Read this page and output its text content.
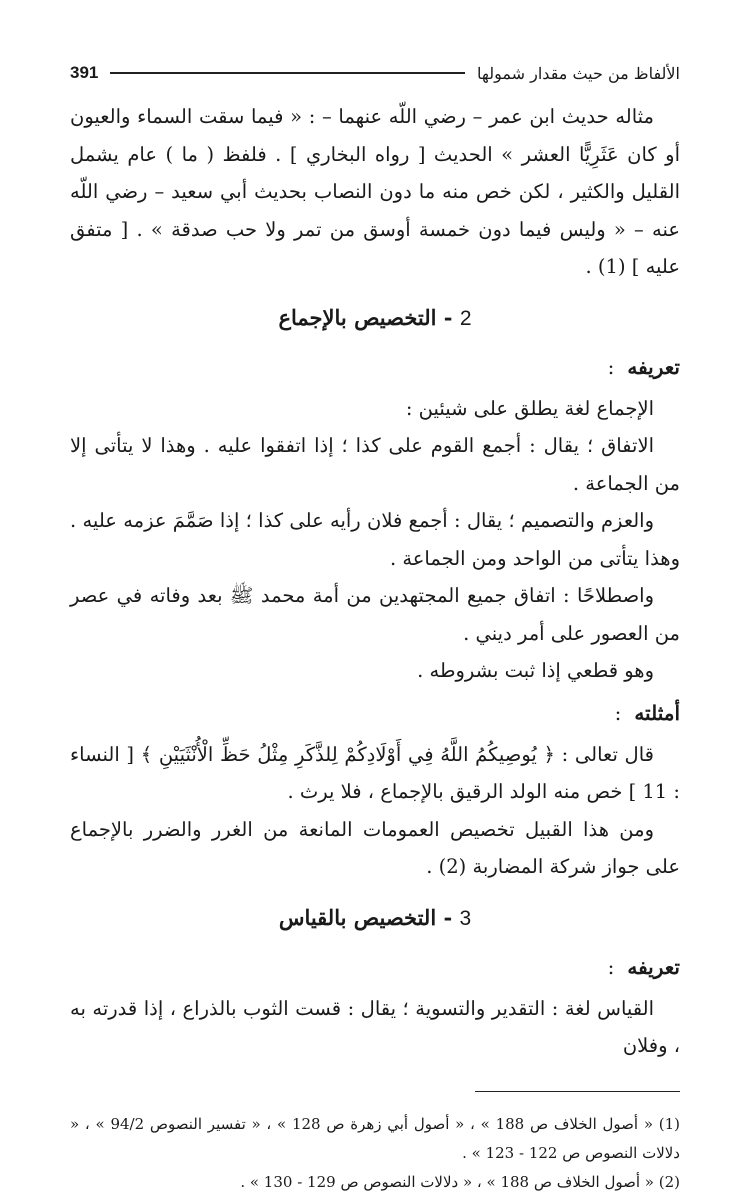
الألفاظ من حيث مقدار شمولها
391

مثاله حديث ابن عمر – رضي اللّه عنهما – : « فيما سقت السماء والعيون أو كان عَثَرِيًّا العشر » الحديث [ رواه البخاري ] . فلفظ ( ما ) عام يشمل القليل والكثير ، لكن خص منه ما دون النصاب بحديث أبي سعيد – رضي اللّه عنه – « وليس فيما دون خمسة أوسق من تمر ولا حب صدقة » . [ متفق عليه ] (1) .

2 - التخصيص بالإجماع
تعريفه :

الإجماع لغة يطلق على شيئين :

الاتفاق ؛ يقال : أجمع القوم على كذا ؛ إذا اتفقوا عليه . وهذا لا يتأتى إلا من الجماعة .

والعزم والتصميم ؛ يقال : أجمع فلان رأيه على كذا ؛ إذا صَمَّمَ عزمه عليه . وهذا يتأتى من الواحد ومن الجماعة .

واصطلاحًا : اتفاق جميع المجتهدين من أمة محمد ﷺ بعد وفاته في عصر من العصور على أمر ديني .

وهو قطعي إذا ثبت بشروطه .

أمثلته :

قال تعالى : ﴿ يُوصِيكُمُ اللَّهُ فِي أَوْلَادِكُمْ لِلذَّكَرِ مِثْلُ حَظِّ الْأُنْثَيَيْنِ ﴾ [ النساء : 11 ] خص منه الولد الرقيق بالإجماع ، فلا يرث .

ومن هذا القبيل تخصيص العمومات المانعة من الغرر والضرر بالإجماع على جواز شركة المضاربة (2) .

3 - التخصيص بالقياس
تعريفه :

القياس لغة : التقدير والتسوية ؛ يقال : قست الثوب بالذراع ، إذا قدرته به ، وفلان

(1) « أصول الخلاف ص 188 » ، « أصول أبي زهرة ص 128 » ، « تفسير النصوص 94/2 » ، « دلالات النصوص ص 122 - 123 » .

(2) « أصول الخلاف ص 188 » ، « دلالات النصوص ص 129 - 130 » .
